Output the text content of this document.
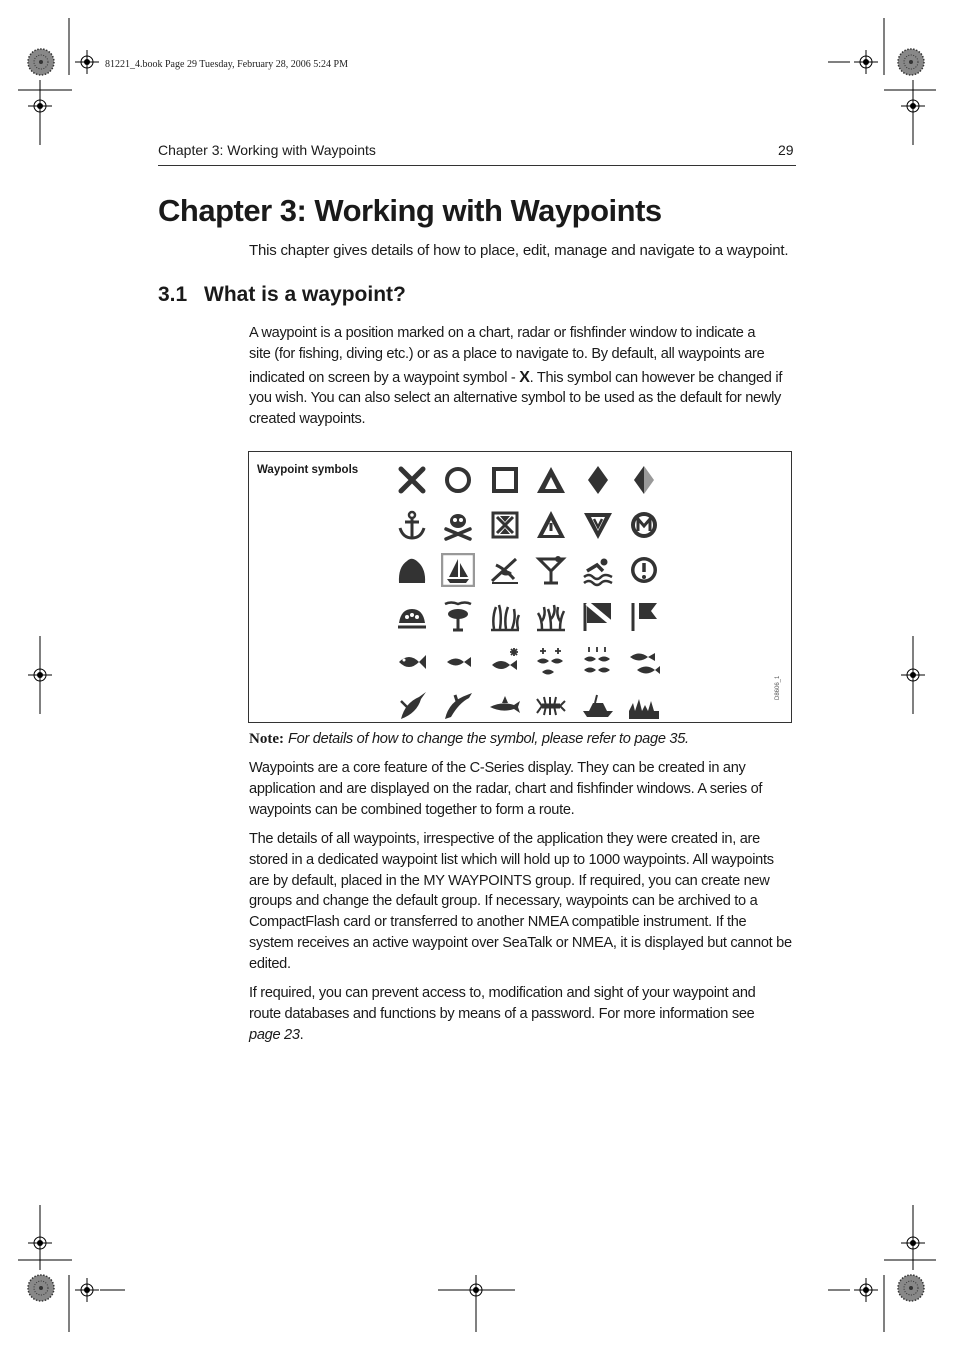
81221_4.book Page 29 Tuesday, February 28, 2006 5:24 PM
Chapter 3: Working with Waypoints	29
Chapter 3: Working with Waypoints
This chapter gives details of how to place, edit, manage and navigate to a waypoint.
3.1 What is a waypoint?
A waypoint is a position marked on a chart, radar or fishfinder window to indicate a
site (for fishing, diving etc.) or as a place to navigate to. By default, all waypoints are
indicated on screen by a waypoint symbol - X. This symbol can however be changed if
you wish. You can also select an alternative symbol to be used as the default for newly
created waypoints.
Waypoint symbols
D8606_1
Note: For details of how to change the symbol, please refer to page 35.
Waypoints are a core feature of the C-Series display. They can be created in any
application and are displayed on the radar, chart and fishfinder windows. A series of
waypoints can be combined together to form a route.
The details of all waypoints, irrespective of the application they were created in, are
stored in a dedicated waypoint list which will hold up to 1000 waypoints. All waypoints
are by default, placed in the MY WAYPOINTS group. If required, you can create new
groups and change the default group. If necessary, waypoints can be archived to a
CompactFlash card or transferred to another NMEA compatible instrument. If the
system receives an active waypoint over SeaTalk or NMEA, it is displayed but cannot be
edited.
If required, you can prevent access to, modification and sight of your waypoint and
route databases and functions by means of a password. For more information see
page 23.
